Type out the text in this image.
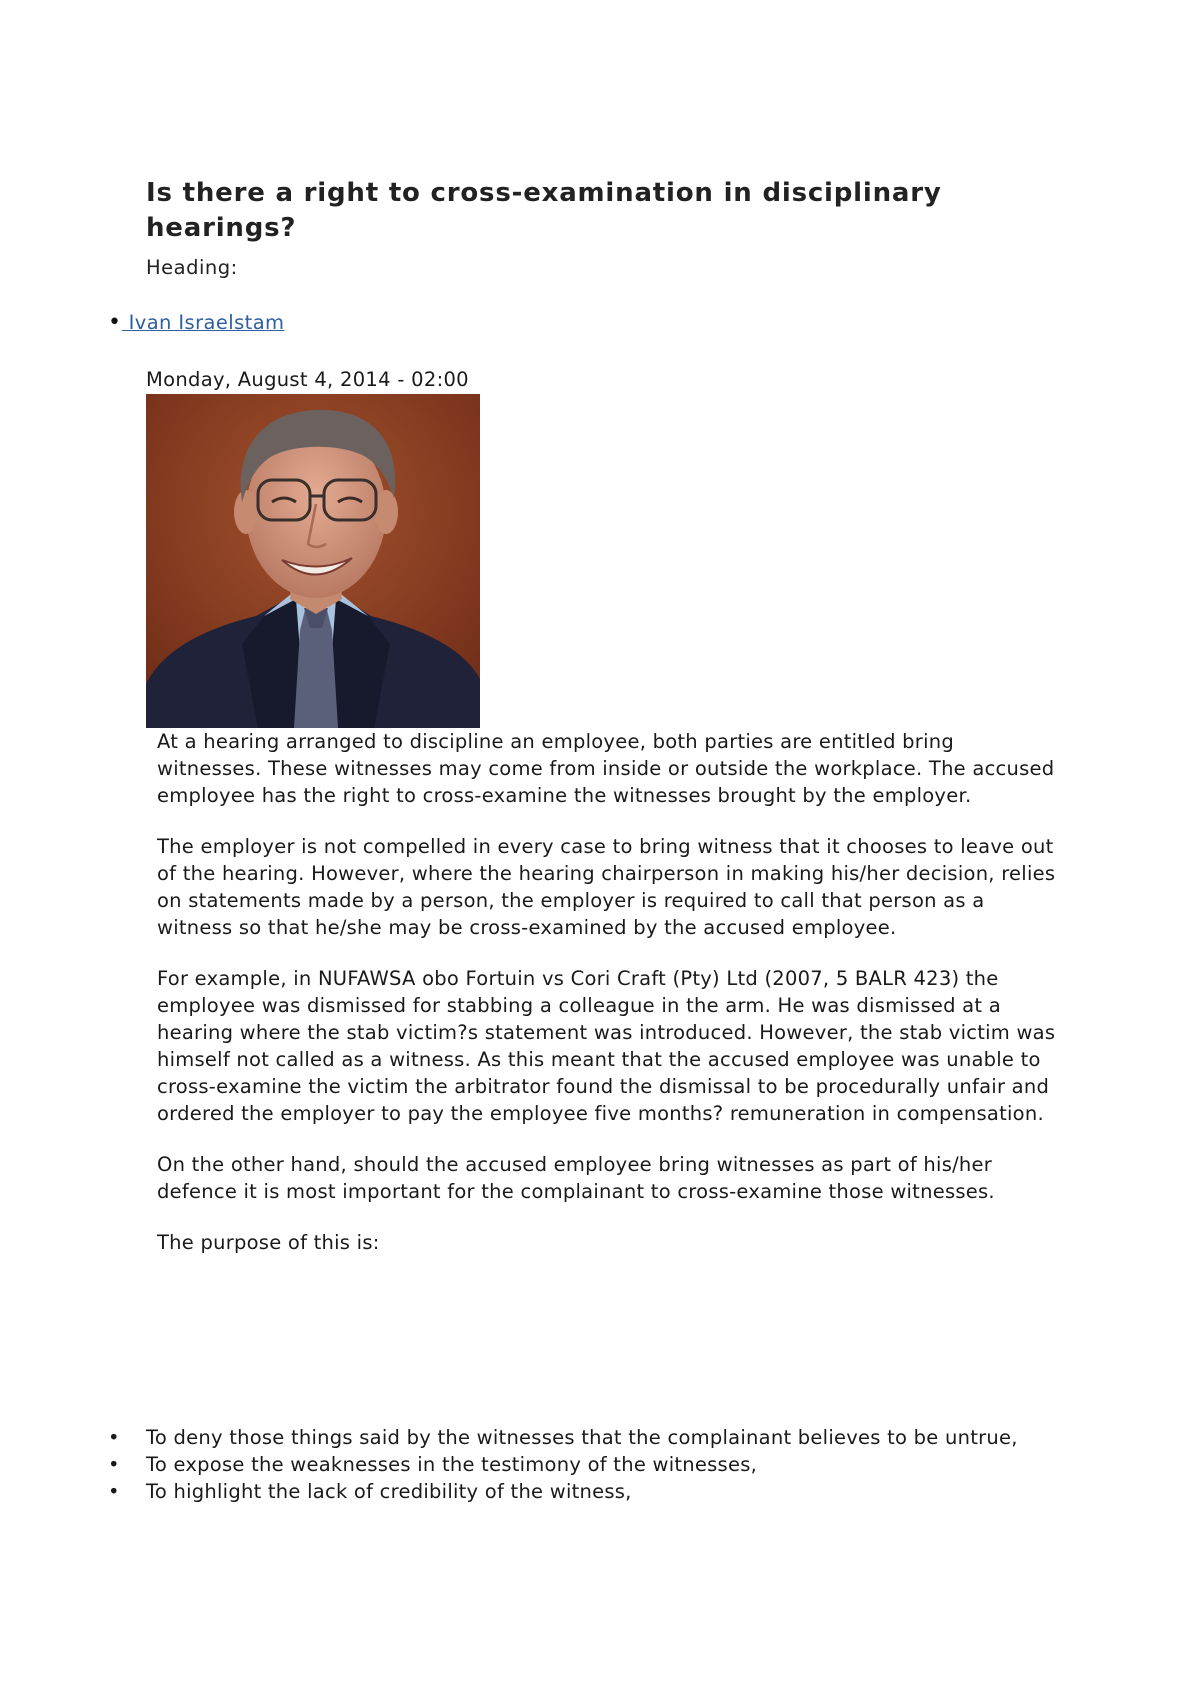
Is there a right to cross-examination in disciplinary hearings?
Heading:
• Ivan Israelstam
Monday, August 4, 2014 - 02:00

At a hearing arranged to discipline an employee, both parties are entitled bring witnesses. These witnesses may come from inside or outside the workplace. The accused employee has the right to cross-examine the witnesses brought by the employer.

The employer is not compelled in every case to bring witness that it chooses to leave out of the hearing. However, where the hearing chairperson in making his/her decision, relies on statements made by a person, the employer is required to call that person as a witness so that he/she may be cross-examined by the accused employee.

For example, in NUFAWSA obo Fortuin vs Cori Craft (Pty) Ltd (2007, 5 BALR 423) the employee was dismissed for stabbing a colleague in the arm. He was dismissed at a hearing where the stab victim?s statement was introduced. However, the stab victim was himself not called as a witness. As this meant that the accused employee was unable to cross-examine the victim the arbitrator found the dismissal to be procedurally unfair and ordered the employer to pay the employee five months? remuneration in compensation.

On the other hand, should the accused employee bring witnesses as part of his/her defence it is most important for the complainant to cross-examine those witnesses.

The purpose of this is:

• To deny those things said by the witnesses that the complainant believes to be untrue,
• To expose the weaknesses in the testimony of the witnesses,
• To highlight the lack of credibility of the witness,
